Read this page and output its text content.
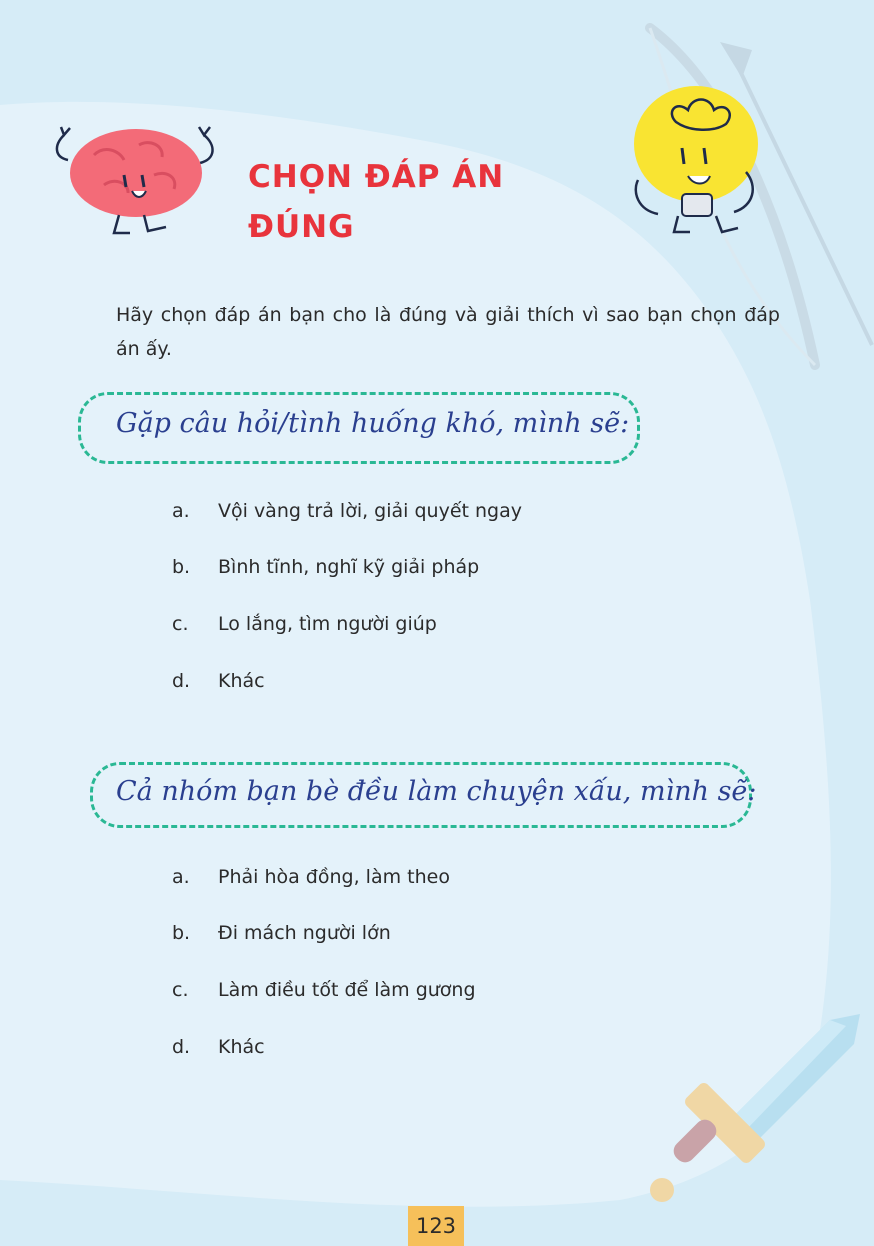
CHỌN ĐÁP ÁN ĐÚNG
Hãy chọn đáp án bạn cho là đúng và giải thích vì sao bạn chọn đáp án ấy.
Gặp câu hỏi/tình huống khó, mình sẽ:
a. Vội vàng trả lời, giải quyết ngay
b. Bình tĩnh, nghĩ kỹ giải pháp
c. Lo lắng, tìm người giúp
d. Khác
Cả nhóm bạn bè đều làm chuyện xấu, mình sẽ:
a. Phải hòa đồng, làm theo
b. Đi mách người lớn
c. Làm điều tốt để làm gương
d. Khác
123
